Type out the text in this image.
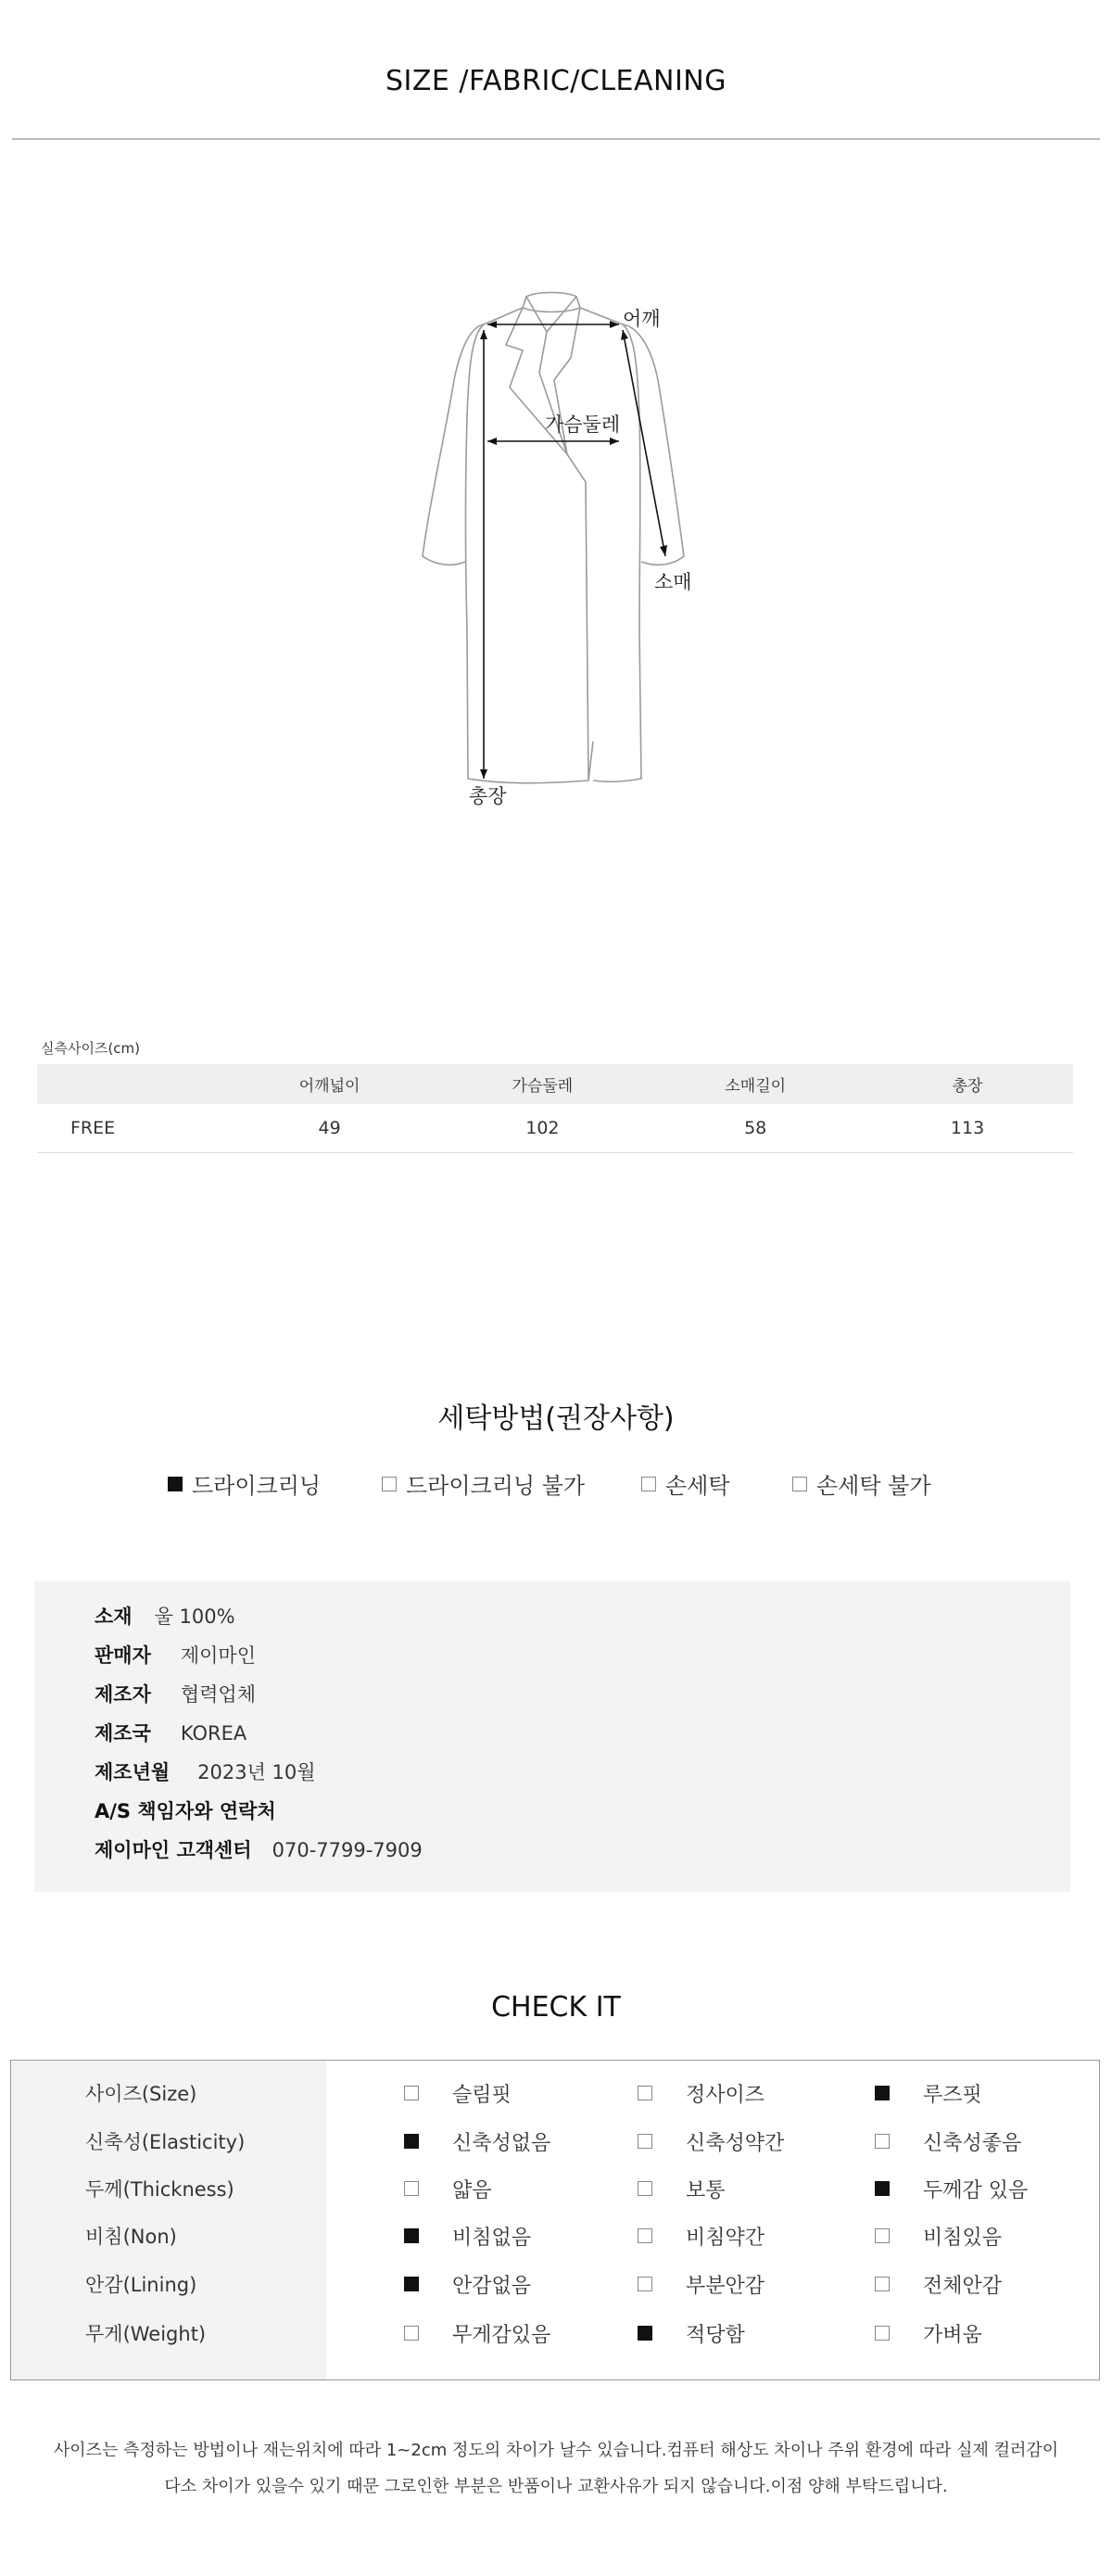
SIZE /FABRIC/CLEANING
어깨
가슴둘레
소매
총장
실측사이즈(cm)
	어깨넓이	가슴둘레	소매길이	총장
FREE	49	102	58	113
세탁방법(권장사항)
드라이크리닝	드라이크리닝 불가	손세탁	손세탁 불가
소재 울 100%
판매자 제이마인
제조자 협력업체
제조국 KOREA
제조년월 2023년 10월
A/S 책임자와 연락처
제이마인 고객센터 070-7799-7909
CHECK IT
사이즈(Size)	슬림핏	정사이즈	루즈핏
신축성(Elasticity)	신축성없음	신축성약간	신축성좋음
두께(Thickness)	얇음	보통	두께감 있음
비침(Non)	비침없음	비침약간	비침있음
안감(Lining)	안감없음	부분안감	전체안감
무게(Weight)	무게감있음	적당함	가벼움
사이즈는 측정하는 방법이나 재는위치에 따라 1~2cm 정도의 차이가 날수 있습니다.컴퓨터 해상도 차이나 주위 환경에 따라 실제 컬러감이
다소 차이가 있을수 있기 때문 그로인한 부분은 반품이나 교환사유가 되지 않습니다.이점 양해 부탁드립니다.
